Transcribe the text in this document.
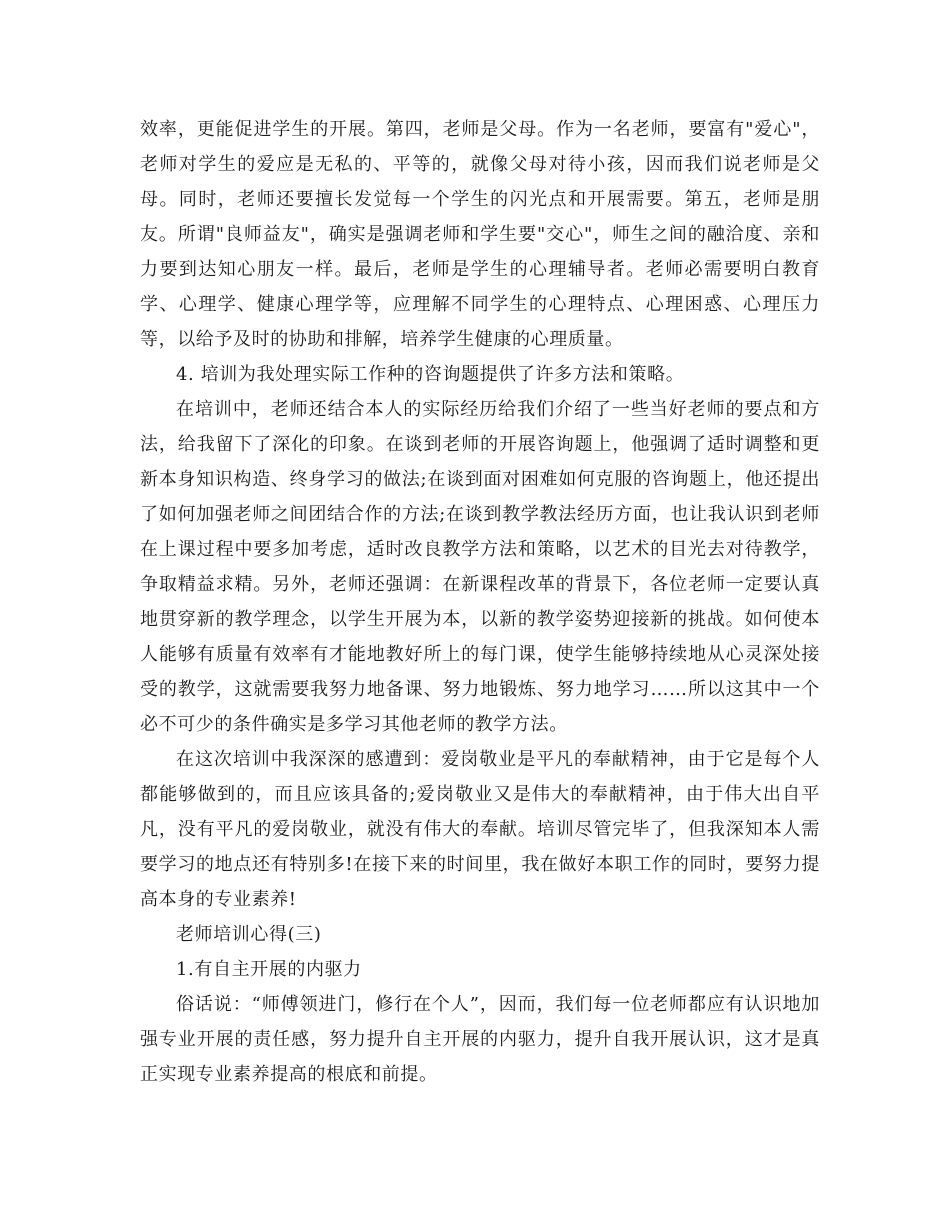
效率，更能促进学生的开展。第四，老师是父母。作为一名老师，要富有"爱心"，老师对学生的爱应是无私的、平等的，就像父母对待小孩，因而我们说老师是父母。同时，老师还要擅长发觉每一个学生的闪光点和开展需要。第五，老师是朋友。所谓"良师益友"，确实是强调老师和学生要"交心"，师生之间的融洽度、亲和力要到达知心朋友一样。最后，老师是学生的心理辅导者。老师必需要明白教育学、心理学、健康心理学等，应理解不同学生的心理特点、心理困惑、心理压力等，以给予及时的协助和排解，培养学生健康的心理质量。

4. 培训为我处理实际工作种的咨询题提供了许多方法和策略。

在培训中，老师还结合本人的实际经历给我们介绍了一些当好老师的要点和方法，给我留下了深化的印象。在谈到老师的开展咨询题上，他强调了适时调整和更新本身知识构造、终身学习的做法;在谈到面对困难如何克服的咨询题上，他还提出了如何加强老师之间团结合作的方法;在谈到教学教法经历方面，也让我认识到老师在上课过程中要多加考虑，适时改良教学方法和策略，以艺术的目光去对待教学，争取精益求精。另外，老师还强调：在新课程改革的背景下，各位老师一定要认真地贯穿新的教学理念，以学生开展为本，以新的教学姿势迎接新的挑战。如何使本人能够有质量有效率有才能地教好所上的每门课，使学生能够持续地从心灵深处接受的教学，这就需要我努力地备课、努力地锻炼、努力地学习……所以这其中一个必不可少的条件确实是多学习其他老师的教学方法。

在这次培训中我深深的感遭到：爱岗敬业是平凡的奉献精神，由于它是每个人都能够做到的，而且应该具备的;爱岗敬业又是伟大的奉献精神，由于伟大出自平凡，没有平凡的爱岗敬业，就没有伟大的奉献。培训尽管完毕了，但我深知本人需要学习的地点还有特别多!在接下来的时间里，我在做好本职工作的同时，要努力提高本身的专业素养!

老师培训心得(三)

1.有自主开展的内驱力

俗话说：“师傅领进门，修行在个人”，因而，我们每一位老师都应有认识地加强专业开展的责任感，努力提升自主开展的内驱力，提升自我开展认识，这才是真正实现专业素养提高的根底和前提。
